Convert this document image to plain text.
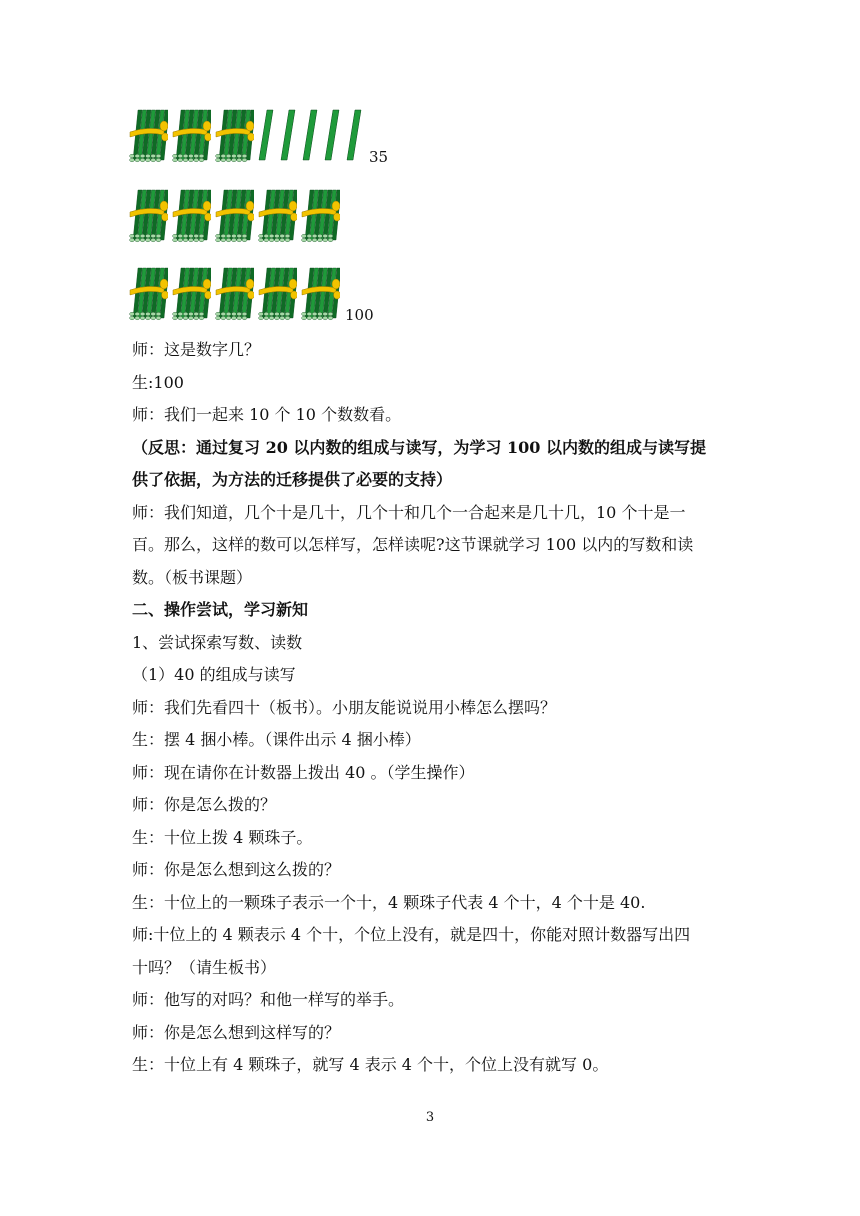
35
100

师：这是数字几？

生:100

师：我们一起来 10 个 10 个数数看。

（反思：通过复习 20 以内数的组成与读写，为学习 100 以内数的组成与读写提

供了依据，为方法的迁移提供了必要的支持）

师：我们知道，几个十是几十，几个十和几个一合起来是几十几，10 个十是一

百。那么，这样的数可以怎样写，怎样读呢?这节课就学习 100 以内的写数和读

数。（板书课题）

二、操作尝试，学习新知

1、尝试探索写数、读数

（1）40 的组成与读写

师：我们先看四十（板书）。小朋友能说说用小棒怎么摆吗？

生：摆 4 捆小棒。（课件出示 4 捆小棒）

师：现在请你在计数器上拨出 40 。（学生操作）

师：你是怎么拨的？

生：十位上拨 4 颗珠子。

师：你是怎么想到这么拨的？

生：十位上的一颗珠子表示一个十，4 颗珠子代表 4 个十，4 个十是 40.

师:十位上的 4 颗表示 4 个十，个位上没有，就是四十，你能对照计数器写出四

十吗？（请生板书）

师：他写的对吗？和他一样写的举手。

师：你是怎么想到这样写的？

生：十位上有 4 颗珠子，就写 4 表示 4 个十，个位上没有就写 0。

3
